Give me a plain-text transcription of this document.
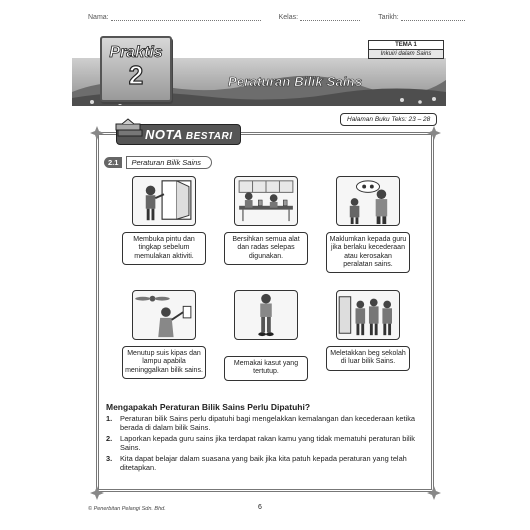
Nama:	Kelas:	Tarikh:
Praktis
2	Peraturan Bilik Sains
TEMA 1
Inkuiri dalam Sains
Halaman Buku Teks: 23 – 28
NOTA BESTARI
2.1	Peraturan Bilik Sains
Membuka pintu dan tingkap sebelum memulakan aktiviti.
Bersihkan semua alat dan radas selepas digunakan.
Maklumkan kepada guru jika berlaku kecederaan atau kerosakan peralatan sains.
Menutup suis kipas dan lampu apabila meninggalkan bilik sains.
Memakai kasut yang tertutup.
Meletakkan beg sekolah di luar bilik Sains.
Mengapakah Peraturan Bilik Sains Perlu Dipatuhi?
1.	Peraturan bilik Sains perlu dipatuhi bagi mengelakkan kemalangan dan kecederaan ketika berada di dalam bilik Sains.
2.	Laporkan kepada guru sains jika terdapat rakan kamu yang tidak mematuhi peraturan bilik Sains.
3.	Kita dapat belajar dalam suasana yang baik jika kita patuh kepada peraturan yang telah ditetapkan.
© Penerbitan Pelangi Sdn. Bhd.	6
